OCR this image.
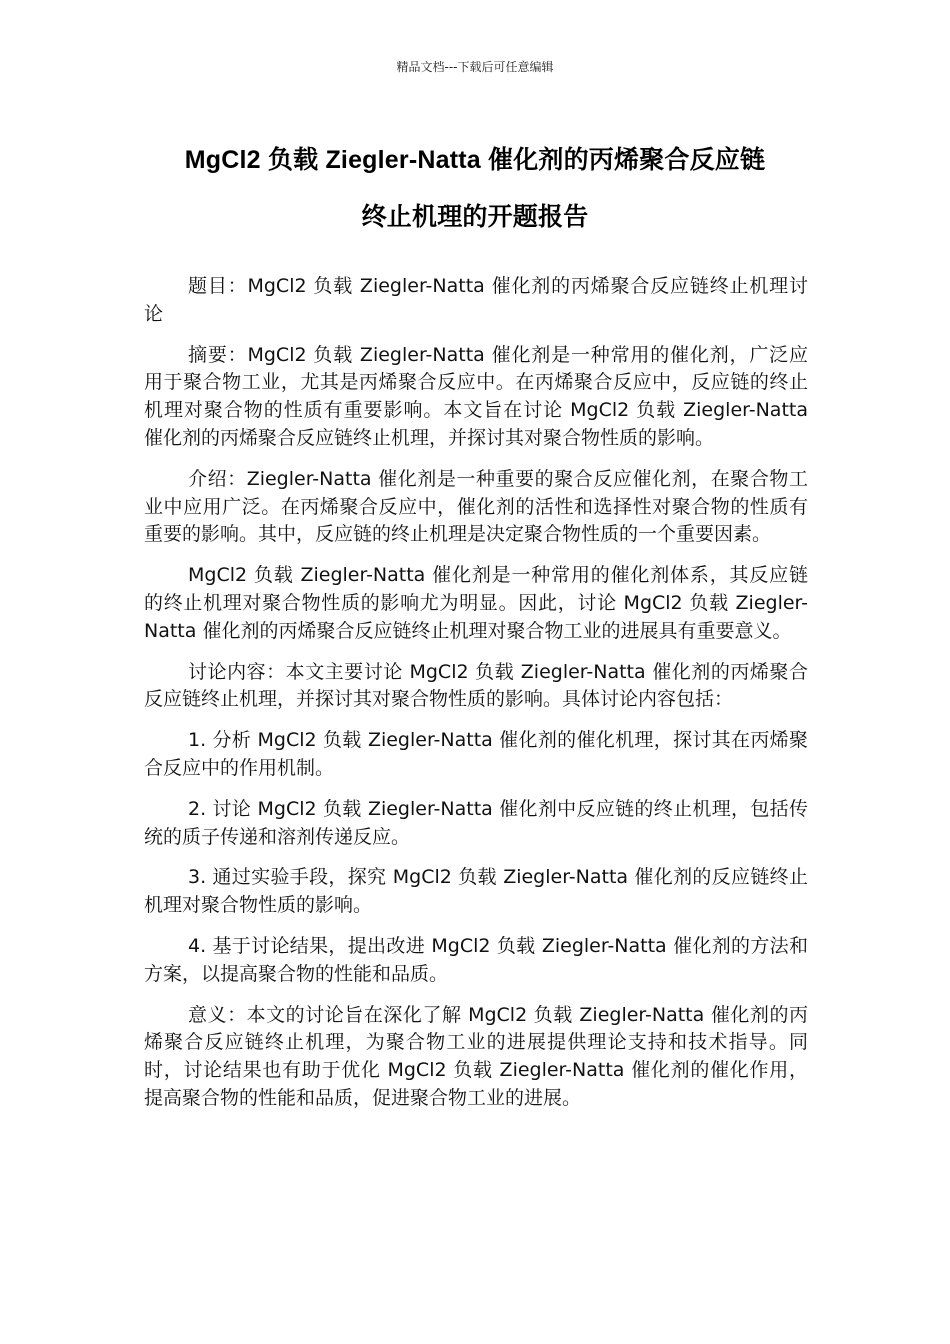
精品文档---下载后可任意编辑
MgCl2 负载 Ziegler-Natta 催化剂的丙烯聚合反应链
终止机理的开题报告

题目：MgCl2 负载 Ziegler-Natta 催化剂的丙烯聚合反应链终止机理讨论

摘要：MgCl2 负载 Ziegler-Natta 催化剂是一种常用的催化剂，广泛应用于聚合物工业，尤其是丙烯聚合反应中。在丙烯聚合反应中，反应链的终止机理对聚合物的性质有重要影响。本文旨在讨论 MgCl2 负载 Ziegler-Natta 催化剂的丙烯聚合反应链终止机理，并探讨其对聚合物性质的影响。

介绍：Ziegler-Natta 催化剂是一种重要的聚合反应催化剂，在聚合物工业中应用广泛。在丙烯聚合反应中，催化剂的活性和选择性对聚合物的性质有重要的影响。其中，反应链的终止机理是决定聚合物性质的一个重要因素。

MgCl2 负载 Ziegler-Natta 催化剂是一种常用的催化剂体系，其反应链的终止机理对聚合物性质的影响尤为明显。因此，讨论 MgCl2 负载 Ziegler-Natta 催化剂的丙烯聚合反应链终止机理对聚合物工业的进展具有重要意义。

讨论内容：本文主要讨论 MgCl2 负载 Ziegler-Natta 催化剂的丙烯聚合反应链终止机理，并探讨其对聚合物性质的影响。具体讨论内容包括：

1. 分析 MgCl2 负载 Ziegler-Natta 催化剂的催化机理，探讨其在丙烯聚合反应中的作用机制。

2. 讨论 MgCl2 负载 Ziegler-Natta 催化剂中反应链的终止机理，包括传统的质子传递和溶剂传递反应。

3. 通过实验手段，探究 MgCl2 负载 Ziegler-Natta 催化剂的反应链终止机理对聚合物性质的影响。

4. 基于讨论结果，提出改进 MgCl2 负载 Ziegler-Natta 催化剂的方法和方案，以提高聚合物的性能和品质。

意义：本文的讨论旨在深化了解 MgCl2 负载 Ziegler-Natta 催化剂的丙烯聚合反应链终止机理，为聚合物工业的进展提供理论支持和技术指导。同时，讨论结果也有助于优化 MgCl2 负载 Ziegler-Natta 催化剂的催化作用，提高聚合物的性能和品质，促进聚合物工业的进展。
